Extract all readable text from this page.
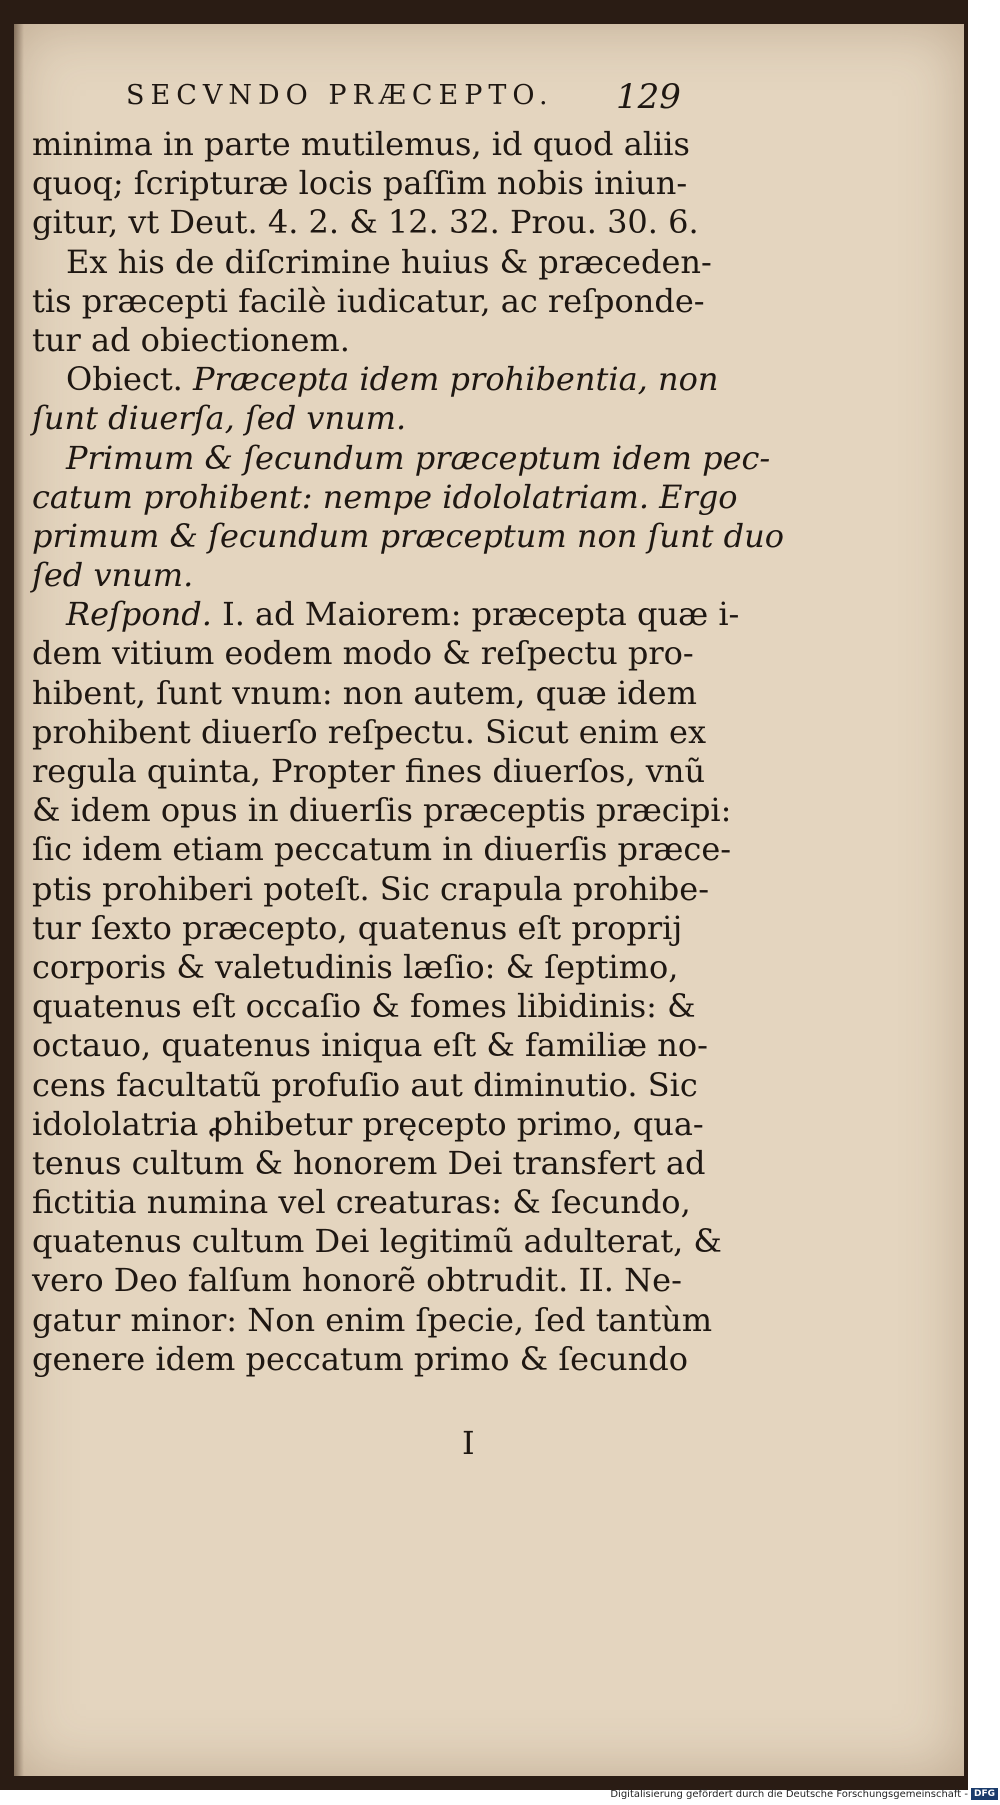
SECVNDO PRÆCEPTO.	129
minima in parte mutilemus, id quod aliis
quoq; ſcripturæ locis paſſim nobis iniun-
gitur, vt Deut. 4. 2. & 12. 32. Prou. 30. 6.
Ex his de diſcrimine huius & præceden-
tis præcepti facilè iudicatur, ac reſponde-
tur ad obiectionem.
Obiect. Præcepta idem prohibentia, non
ſunt diuerſa, ſed vnum.
Primum & ſecundum præceptum idem pec-
catum prohibent: nempe idololatriam. Ergo
primum & ſecundum præceptum non ſunt duo
ſed vnum.
Reſpond. I. ad Maiorem: præcepta quæ i-
dem vitium eodem modo & reſpectu pro-
hibent, ſunt vnum: non autem, quæ idem
prohibent diuerſo reſpectu. Sicut enim ex
regula quinta, Propter fines diuerſos, vnũ
& idem opus in diuerſis præceptis præcipi:
ſic idem etiam peccatum in diuerſis præce-
ptis prohiberi poteſt. Sic crapula prohibe-
tur ſexto præcepto, quatenus eſt proprij
corporis & valetudinis læſio: & ſeptimo,
quatenus eſt occaſio & fomes libidinis: &
octauo, quatenus iniqua eſt & familiæ no-
cens facultatũ profuſio aut diminutio. Sic
idololatria ꝓhibetur pręcepto primo, qua-
tenus cultum & honorem Dei transfert ad
fictitia numina vel creaturas: & ſecundo,
quatenus cultum Dei legitimũ adulterat, &
vero Deo falſum honorẽ obtrudit. II. Ne-
gatur minor: Non enim ſpecie, ſed tantùm
genere idem peccatum primo & ſecundo
I
Digitalisierung gefördert durch die Deutsche Forschungsgemeinschaft - DFG
